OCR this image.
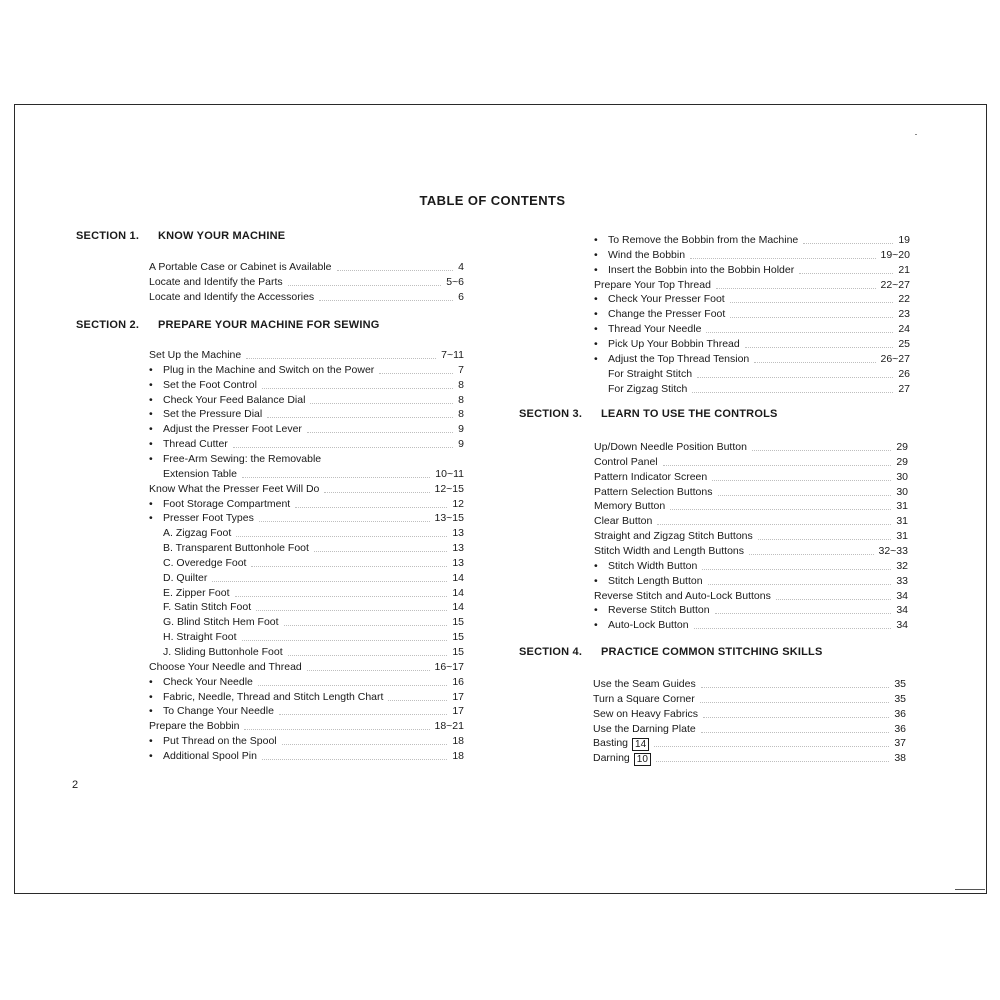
TABLE OF CONTENTS
SECTION 1. KNOW YOUR MACHINE
SECTION 2. PREPARE YOUR MACHINE FOR SEWING
SECTION 3. LEARN TO USE THE CONTROLS
SECTION 4. PRACTICE COMMON STITCHING SKILLS
A Portable Case or Cabinet is Available	4
Locate and Identify the Parts	5~6
Locate and Identify the Accessories	6
Set Up the Machine	7~11
• Plug in the Machine and Switch on the Power	7
• Set the Foot Control	8
• Check Your Feed Balance Dial	8
• Set the Pressure Dial	8
• Adjust the Presser Foot Lever	9
• Thread Cutter	9
• Free-Arm Sewing: the Removable
Extension Table	10~11
Know What the Presser Feet Will Do	12~15
• Foot Storage Compartment	12
• Presser Foot Types	13~15
A. Zigzag Foot	13
B. Transparent Buttonhole Foot	13
C. Overedge Foot	13
D. Quilter	14
E. Zipper Foot	14
F. Satin Stitch Foot	14
G. Blind Stitch Hem Foot	15
H. Straight Foot	15
J. Sliding Buttonhole Foot	15
Choose Your Needle and Thread	16~17
• Check Your Needle	16
• Fabric, Needle, Thread and Stitch Length Chart	17
• To Change Your Needle	17
Prepare the Bobbin	18~21
• Put Thread on the Spool	18
• Additional Spool Pin	18
• To Remove the Bobbin from the Machine	19
• Wind the Bobbin	19~20
• Insert the Bobbin into the Bobbin Holder	21
Prepare Your Top Thread	22~27
• Check Your Presser Foot	22
• Change the Presser Foot	23
• Thread Your Needle	24
• Pick Up Your Bobbin Thread	25
• Adjust the Top Thread Tension	26~27
For Straight Stitch	26
For Zigzag Stitch	27
Up/Down Needle Position Button	29
Control Panel	29
Pattern Indicator Screen	30
Pattern Selection Buttons	30
Memory Button	31
Clear Button	31
Straight and Zigzag Stitch Buttons	31
Stitch Width and Length Buttons	32~33
• Stitch Width Button	32
• Stitch Length Button	33
Reverse Stitch and Auto-Lock Buttons	34
• Reverse Stitch Button	34
• Auto-Lock Button	34
Use the Seam Guides	35
Turn a Square Corner	35
Sew on Heavy Fabrics	36
Use the Darning Plate	36
Basting 14	37
Darning 10	38
2
